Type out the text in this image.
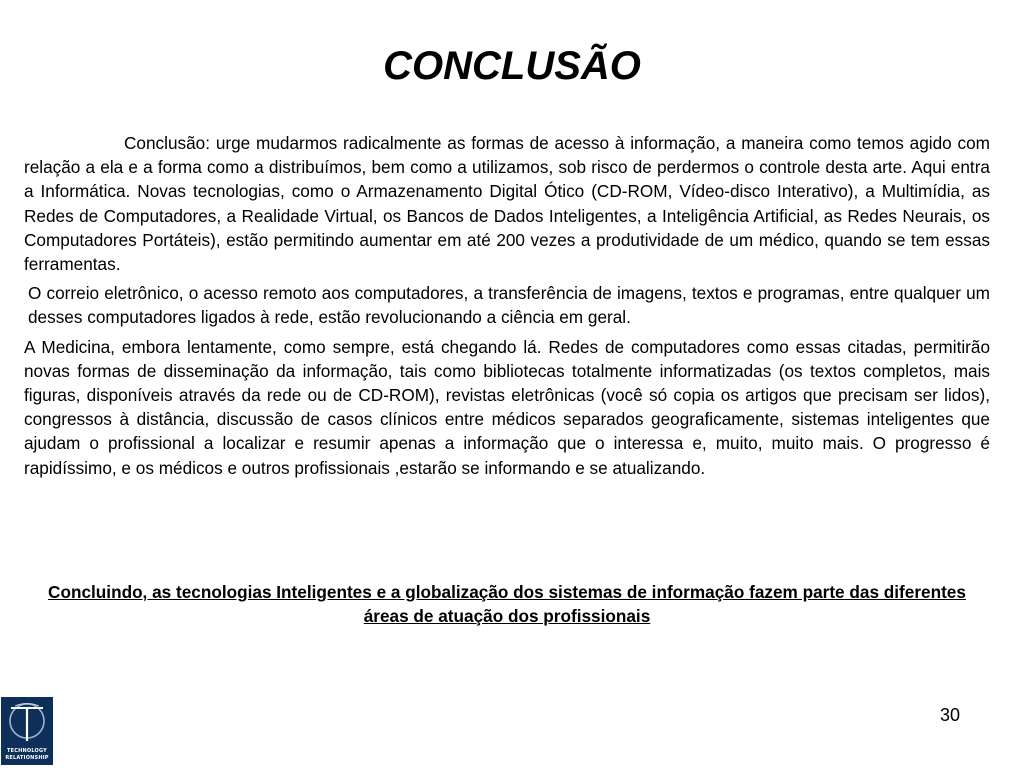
CONCLUSÃO

Conclusão: urge mudarmos radicalmente as formas de acesso à informação, a maneira como temos agido com relação a ela e a forma como a distribuímos, bem como a utilizamos, sob risco de perdermos o controle desta arte. Aqui entra a Informática. Novas tecnologias, como o Armazenamento Digital Ótico (CD-ROM, Vídeo-disco Interativo), a Multimídia, as Redes de Computadores, a Realidade Virtual, os Bancos de Dados Inteligentes, a Inteligência Artificial, as Redes Neurais, os Computadores Portáteis), estão permitindo aumentar em até 200 vezes a produtividade de um médico, quando se tem essas ferramentas.

O correio eletrônico, o acesso remoto aos computadores, a transferência de imagens, textos e programas, entre qualquer um desses computadores ligados à rede, estão revolucionando a ciência em geral.

A Medicina, embora lentamente, como sempre, está chegando lá. Redes de computadores como essas citadas, permitirão novas formas de disseminação da informação, tais como bibliotecas totalmente informatizadas (os textos completos, mais figuras, disponíveis através da rede ou de CD-ROM), revistas eletrônicas (você só copia os artigos que precisam ser lidos), congressos à distância, discussão de casos clínicos entre médicos separados geograficamente, sistemas inteligentes que ajudam o profissional a localizar e resumir apenas a informação que o interessa e, muito, muito mais. O progresso é rapidíssimo, e os médicos e outros profissionais ,estarão se informando e se atualizando.

Concluindo, as tecnologias Inteligentes e a globalização dos sistemas de informação fazem parte das diferentes áreas de atuação dos profissionais
TECHNOLOGY
RELATIONSHIP
30
